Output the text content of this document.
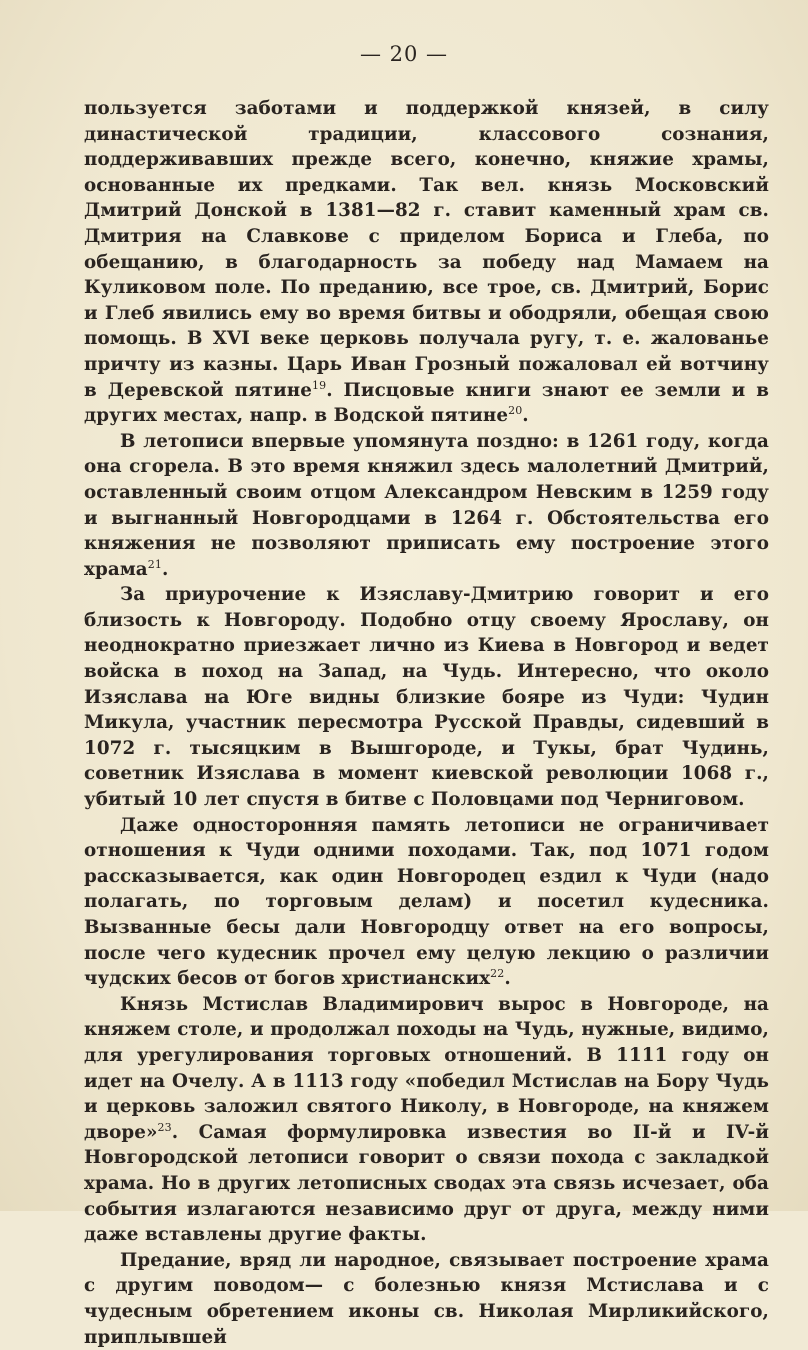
— 20 —

пользуется заботами и поддержкой князей, в силу династической традиции, классового сознания, поддерживавших прежде всего, конечно, княжие храмы, основанные их предками. Так вел. князь Московский Дмитрий Донской в 1381—82 г. ставит каменный храм св. Дмитрия на Славкове с приделом Бориса и Глеба, по обещанию, в благодарность за победу над Мамаем на Куликовом поле. По преданию, все трое, св. Дмитрий, Борис и Глеб явились ему во время битвы и ободряли, обещая свою помощь. В XVI веке церковь получала ругу, т. е. жалованье причту из казны. Царь Иван Грозный пожаловал ей вотчину в Деревской пятине$^{19}$. Писцовые книги знают ее земли и в других местах, напр. в Водской пятине$^{20}$.

В летописи впервые упомянута поздно: в 1261 году, когда она сгорела. В это время княжил здесь малолетний Дмитрий, оставленный своим отцом Александром Невским в 1259 году и выгнанный Новгородцами в 1264 г. Обстоятельства его княжения не позволяют приписать ему построение этого храма$^{21}$.

За приурочение к Изяславу-Дмитрию говорит и его близость к Новгороду. Подобно отцу своему Ярославу, он неоднократно приезжает лично из Киева в Новгород и ведет войска в поход на Запад, на Чудь. Интересно, что около Изяслава на Юге видны близкие бояре из Чуди: Чудин Микула, участник пересмотра Русской Правды, сидевший в 1072 г. тысяцким в Вышгороде, и Тукы, брат Чудинь, советник Изяслава в момент киевской революции 1068 г., убитый 10 лет спустя в битве с Половцами под Черниговом.

Даже односторонняя память летописи не ограничивает отношения к Чуди одними походами. Так, под 1071 годом рассказывается, как один Новгородец ездил к Чуди (надо полагать, по торговым делам) и посетил кудесника. Вызванные бесы дали Новгородцу ответ на его вопросы, после чего кудесник прочел ему целую лекцию о различии чудских бесов от богов христианских$^{22}$.

Князь Мстислав Владимирович вырос в Новгороде, на княжем столе, и продолжал походы на Чудь, нужные, видимо, для урегулирования торговых отношений. В 1111 году он идет на Очелу. А в 1113 году «победил Мстислав на Бору Чудь и церковь заложил святого Николу, в Новгороде, на княжем дворе»$^{23}$. Самая формулировка известия во II-й и IV-й Новгородской летописи говорит о связи похода с закладкой храма. Но в других летописных сводах эта связь исчезает, оба события излагаются независимо друг от друга, между ними даже вставлены другие факты.

Предание, вряд ли народное, связывает построение храма с другим поводом— с болезнью князя Мстислава и с чудесным обретением иконы св. Николая Мирликийского, приплывшей
